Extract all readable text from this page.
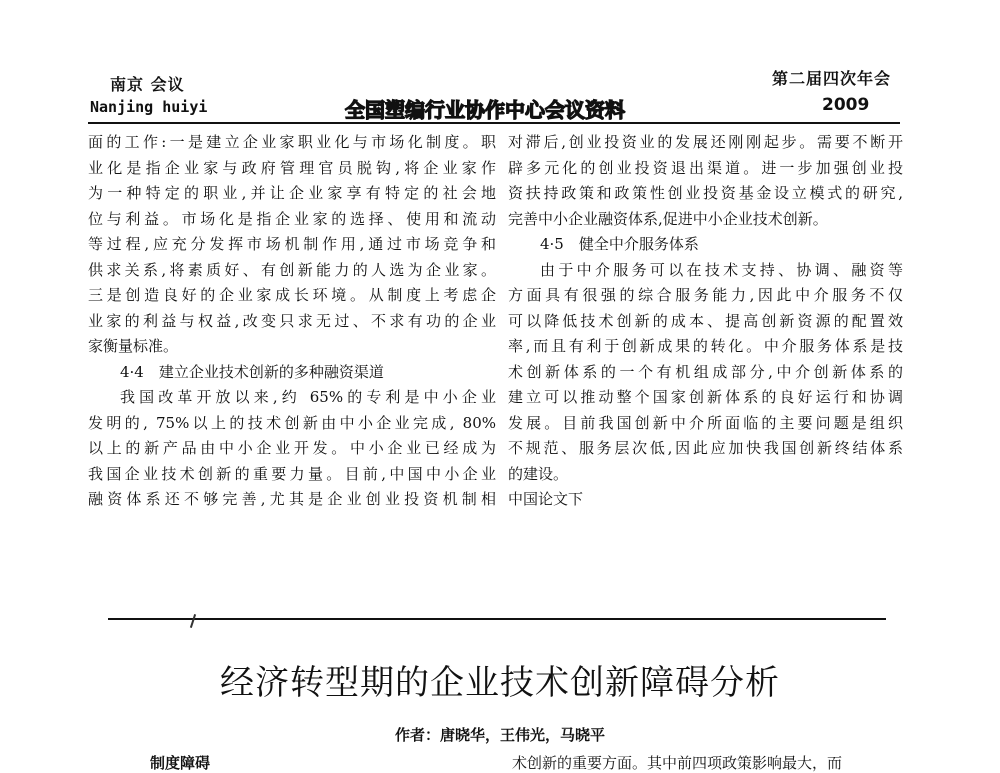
南京 会议
Nanjing huiyi	全国塑编行业协作中心会议资料
第二届四次年会
2009
面的工作:一是建立企业家职业化与市场化制度。职
业化是指企业家与政府管理官员脱钩,将企业家作
为一种特定的职业,并让企业家享有特定的社会地
位与利益。市场化是指企业家的选择、使用和流动
等过程,应充分发挥市场机制作用,通过市场竞争和
供求关系,将素质好、有创新能力的人选为企业家。
三是创造良好的企业家成长环境。从制度上考虑企
业家的利益与权益,改变只求无过、不求有功的企业
家衡量标准。
4·4　建立企业技术创新的多种融资渠道
我国改革开放以来,约 65%的专利是中小企业
发明的, 75%以上的技术创新由中小企业完成, 80%
以上的新产品由中小企业开发。中小企业已经成为
我国企业技术创新的重要力量。目前,中国中小企业
融资体系还不够完善,尤其是企业创业投资机制相
对滞后,创业投资业的发展还刚刚起步。需要不断开
辟多元化的创业投资退出渠道。进一步加强创业投
资扶持政策和政策性创业投资基金设立模式的研究,
完善中小企业融资体系,促进中小企业技术创新。
4·5　健全中介服务体系
由于中介服务可以在技术支持、协调、融资等
方面具有很强的综合服务能力,因此中介服务不仅
可以降低技术创新的成本、提高创新资源的配置效
率,而且有利于创新成果的转化。中介服务体系是技
术创新体系的一个有机组成部分,中介创新体系的
建立可以推动整个国家创新体系的良好运行和协调
发展。目前我国创新中介所面临的主要问题是组织
不规范、服务层次低,因此应加快我国创新终结体系
的建设。
中国论文下
经济转型期的企业技术创新障碍分析
作者：唐晓华，王伟光，马晓平
制度障碍	术创新的重要方面。其中前四项政策影响最大，而
